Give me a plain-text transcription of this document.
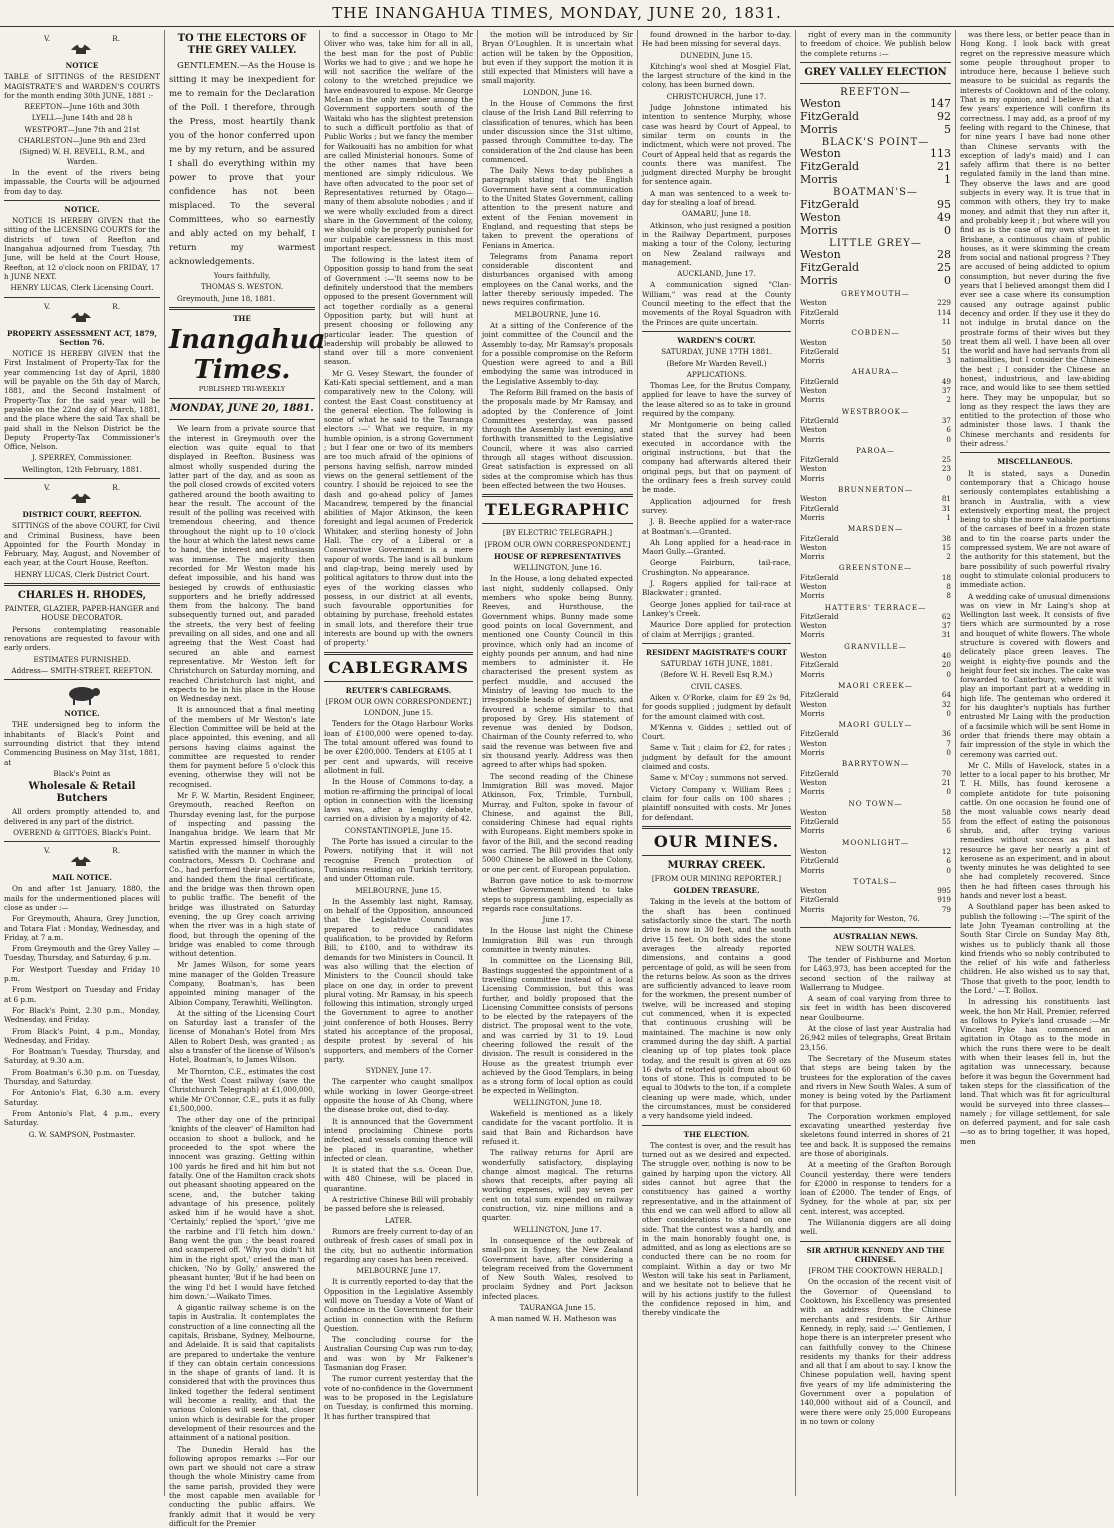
THE INANGAHUA TIMES, MONDAY, JUNE 20, 1831.
V.	R.
NOTICE

TABLE of SITTINGS of the RESIDENT MAGISTRATE'S and WARDEN'S COURTS for the month ending 30th JUNE, 1881 :-

REEFTON—June 16th and 30th

LYELL—June 14th and 28 h

WESTPORT—June 7th and 21st

CHARLESTON—June 9th and 23rd

(Signed) W. H. REVELL, R.M., and Warden.

In the event of the rivers being impassable, the Courts will be adjourned from day to day.

NOTICE.

NOTICE IS HEREBY GIVEN that the sitting of the LICENSING COURTS for the districts of town of Reefton and Inangahua adjourned from Tuesday, 7th June, will be held at the Court House, Reefton, at 12 o'clock noon on FRIDAY, 17 h JUNE NEXT.

HENRY LUCAS, Clerk Licensing Court.

V.	R.
PROPERTY ASSESSMENT ACT, 1879, Section 76.

NOTICE IS HEREBY GIVEN that the First Instalment of Property-Tax for the year commencing 1st day of April, 1880 will be payable on the 5th day of March, 1881, and the Second Instalment of Property-Tax for the said year will be payable on the 22nd day of March, 1881, and the place where the said Tax shall be paid shall in the Nelson District be the Deputy Property-Tax Commissioner's Office, Nelson.

J. SPERREY, Commissioner.

Wellington, 12th February, 1881.

V.	R.
DISTRICT COURT, REEFTON.

SITTINGS of the above COURT, for Civil and Criminal Business, have been Appointed for the Fourth Monday in February, May, August, and November of each year, at the Court House, Reefton.

HENRY LUCAS, Clerk District Court.

CHARLES H. RHODES,

PAINTER, GLAZIER, PAPER-HANGER and HOUSE DECORATOR.

Persons contemplating reasonable renovations are requested to favour with early orders.

ESTIMATES FURNISHED.

Address— SMITH-STREET, REEFTON.

NOTICE.

THE undersigned beg to inform the inhabitants of Black's Point and surrounding district that they intend Commencing Business on May 31st, 1881, at

Black's Point as

Wholesale & Retail Butchers

All orders promptly attended to, and delivered in any part of the district.

OVEREND & GITTOES, Black's Point.

V.	R.
MAIL NOTICE.

On and after 1st January, 1880, the mails for the undermentioned places will close as under :—

For Greymouth, Ahaura, Grey Junction, and Totara Flat : Monday, Wednesday, and Friday, at 7 a.m.

From Greymouth and the Grey Valley —Tuesday, Thursday, and Saturday, 6 p.m.

For Westport Tuesday and Friday 10 p.m.

From Westport on Tuesday and Friday at 6 p.m.

For Black's Point, 2.30 p.m., Monday, Wednesday, and Friday.

From Black's Point, 4 p.m., Monday, Wednesday, and Friday.

For Boatman's Tuesday, Thursday, and Saturday, at 9.30 a.m.

From Boatman's 6.30 p.m. on Tuesday, Thursday, and Saturday.

For Antonio's Flat, 6.30 a.m. every Saturday.

From Antonio's Flat, 4 p.m., every Saturday.

G. W. SAMPSON, Postmaster.

TO THE ELECTORS OF THE GREY VALLEY.

GENTLEMEN.—As the House is sitting it may be inexpedient for me to remain for the Declaration of the Poll. I therefore, through the Press, most heartily thank you of the honor conferred upon me by my return, and be assured I shall do everything within my power to prove that your confidence has not been misplaced. To the several Committees, who so earnestly and ably acted on my behalf, I return my warmest acknowledgements.

Yours faithfully,

THOMAS S. WESTON.

Greymouth, June 18, 1881.

THE
Inangahua Times.
PUBLISHED TRI-WEEKLY
MONDAY, JUNE 20, 1881.

We learn from a private source that the interest in Greymouth over the election was quite equal to that displayed in Reefton. Business was almost wholly suspended during the latter part of the day, and as soon as the poll closed crowds of excited voters gathered around the booth awaiting to hear the result. The account of the result of the polling was received with tremendous cheering, and thence throughout the night up to 10 o'clock the hour at which the latest news came to hand, the interest and enthusiasm was immense. The majority then recorded for Mr Weston made his defeat impossible, and his hand was besieged by crowds of enthusiastic supporters and he briefly addressed them from the balcony. The band subsequently turned out, and paraded the streets, the very best of feeling prevailing on all sides, and one and all agreeing that the West Coast had secured an able and earnest representative. Mr Weston left for Christchurch on Saturday morning, and reached Christchurch last night, and expects to be in his place in the House on Wednesday next.

It is announced that a final meeting of the members of Mr Weston's late Election Committee will be held at the place appointed, this evening, and all persons having claims against the committee are requested to render them for payment before 5 o'clock this evening, otherwise they will not be recognised.

Mr F. W. Martin, Resident Engineer, Greymouth, reached Reefton on Thursday evening last, for the purpose of inspecting and passing the Inangahua bridge. We learn that Mr Martin expressed himself thoroughly satisfied with the manner in which the contractors, Messrs D. Cochrane and Co., had performed their specifications, and handed them the final certificate, and the bridge was then thrown open to public traffic. The benefit of the bridge was illustrated on Saturday evening, the up Grey coach arriving when the river was in a high state of flood, but through the opening of the bridge was enabled to come through without detention.

Mr James Wilson, for some years mine manager of the Golden Treasure Company, Boatman's, has been appointed mining manager of the Albion Company, Terawhiti, Wellington.

At the sitting of the Licensing Court on Saturday last a transfer of the license of Monahan's Hotel from Mrs Allen to Robert Desh, was granted ; as also a transfer of the license of Wilson's Hotel, Boatman's, to James Wilson.

Mr Thornton, C.E., estimates the cost of the West Coast railway (save the Christchurch Telegraph) at £1,000,000, while Mr O'Connor, C.E., puts it as fully £1,500,000.

The other day one of the principal 'knights of the cleaver' of Hamilton had occasion to shoot a bullock, and he proceeded to the spot where the innocent was grazing. Getting within 100 yards he fired and hit him but not fatally. One of the Hamilton crack shots out pheasant shooting appeared on the scene, and, the butcher taking advantage of his presence, politely asked him if he would have a shot. 'Certainly,' replied the 'sport,' 'give me the rarbine and I'll fetch him down.' Bang went the gun ; the beast roared and scampered off. 'Why you didn't hit him in the right spot,' cried the man of chicken, 'No by Golly,' answered the pheasant hunter, 'But if he had been on the wing I'd bet I would have fetched him down.'—Waikato Times.

A gigantic railway scheme is on the tapis in Australia. It contemplates the construction of a line connecting all the capitals, Brisbane, Sydney, Melbourne, and Adelaide. It is said that capitalists are prepared to undertake the venture if they can obtain certain concessions in the shape of grants of land. It is considered that with the provinces thus linked together the federal sentiment will become a reality, and that the various Colonies will seek that, closer union which is desirable for the proper development of their resources and the attainment of a national position.

The Dunedin Herald has the following apropos remarks :—For our own part we should not care a straw though the whole Ministry came from the same parish, provided they were the most capable men available for conducting the public affairs. We frankly admit that it would be very difficult for the Premier

to find a successor in Otago to Mr Oliver who was, take him for all in all, the best man for the post of Public Works we had to give ; and we hope he will not sacrifice the welfare of the colony to the wretched prejudice we have endeavoured to expose. Mr George McLean is the only member among the Government supporters south of the Waitaki who has the slightest pretension to such a difficult portfolio as that of Public Works ; but we fancy the member for Waikouaiti has no ambition for what are called Ministerial honours. Some of the other names that have been mentioned are simply ridiculous. We have often advocated to the poor set of Representatives returned by Otago—many of them absolute nobodies ; and if we were wholly excluded from a direct share in the Government of the colony, we should only be properly punished for our culpable carelessness in this most important respect.

The following is the latest item of Opposition gossip to hand from the seat of Government :—'It seems now to be definitely understood that the members opposed to the present Government will act together cordially as a general Opposition party, but will hunt at present choosing or following any particular leader. The question of leadership will probably be allowed to stand over till a more convenient season.

Mr G. Vesey Stewart, the founder of Kati-Kati special settlement, and a man comparatively new to the Colony, will contest the East Coast constituency at the general election. The following is some of what he said to the Tauranga electors :—' What we require, in my humble opinion, is a strong Government ; but I fear one or two of its members are too much afraid of the opinions of persons having selfish, narrow minded views on the general settlement of the country. I should be rejoiced to see the dash and go-ahead policy of James Macandrew, tempered by the financial abilities of Major Atkinson, the keen foresight and legal acumen of Frederick Whitaker, and sterling honesty of John Hall. The cry of a Liberal or a Conservative Government is a mere vapour of words. The land is all bunkum and clap-trap, being merely used by political agitators to throw dust into the eyes of the working classes who possess, in our district at all events, such favourable opportunities for obtaining by purchase, freehold estates in small lots, and therefore their true interests are bound up with the owners of property.'

CABLEGRAMS
REUTER'S CABLEGRAMS.

[FROM OUR OWN CORRESPONDENT.]

LONDON, June 15.

Tenders for the Otago Harbour Works loan of £100,000 were opened to-day. The total amount offered was found to be over £200,000. Tenders at £105 at 1 per cent and upwards, will receive allotment in full.

In the House of Commons to-day, a motion re-affirming the principal of local option in connection with the licensing laws was, after a lengthy debate, carried on a division by a majority of 42.

CONSTANTINOPLE, June 15.

The Porte has issued a circular to the Powers, notifying that it will not recognise French protection of Tunisians residing on Turkish territory, and under Ottoman rule.

MELBOURNE, June 15.

In the Assembly last night, Ramsay, on behalf of the Opposition, announced that the Legislative Council was prepared to reduce candidates qualification, to be provided by Reform Bill, to £100, and to withdraw its demands for two Ministers in Council. It was also willing that the election of Ministers to the Council should take place on one day, in order to prevent plural voting. Mr Ramsay, in his speech following this intimation, strongly urged the Government to agree to another joint conference of both Houses. Berry stated his acceptance of the proposal, despite protest by several of his supporters, and members of the Corner party.

SYDNEY, June 17.

The carpenter who caught smallpox while working in lower George-street opposite the house of Ah Chong, where the disease broke out, died to-day.

It is announced that the Government intend proclaiming Chinese ports infected, and vessels coming thence will be placed in quarantine, whether infected or clean.

It is stated that the s.s. Ocean Due, with 480 Chinese, will be placed in quarantine.

A restrictive Chinese Bill will probably be passed before she is released.

LATER.

Rumors are freely current to-day of an outbreak of fresh cases of small pox in the city, but no authentic information regarding any cases has been received.

MELBOURNE June 17.

It is currently reported to-day that the Opposition in the Legislative Assembly will move on Tuesday a Vote of Want of Confidence in the Government for their action in connection with the Reform Question.

The concluding course for the Australian Coursing Cup was run to-day, and was won by Mr Falkener's Tasmanian dog Fraser.

The rumor current yesterday that the vote of no-confidence in the Government was to be proposed in the Legislature on Tuesday, is confirmed this morning. It has further transpired that

the motion will be introduced by Sir Bryan O'Loughlen. It is uncertain what action will be taken by the Opposition, but even if they support the motion it is still expected that Ministers will have a small majority.

LONDON, June 16.

In the House of Commons the first clause of the Irish Land Bill referring to classification of tenures, which has been under discussion since the 31st ultimo, passed through Committee to-day. The consideration of the 2nd clause has been commenced.

The Daily News to-day publishes a paragraph stating that the English Government have sent a communication to the United States Government, calling attention to the present nature and extent of the Fenian movement in England, and requesting that steps be taken to prevent the operations of Fenians in America.

Telegrams from Panama report considerable discontent and disturbances organised with among employees on the Canal works, and the latter thereby seriously impeded. The news requires confirmation.

MELBOURNE, June 16.

At a sitting of the Conference of the joint committee of the Council and the Assembly to-day, Mr Ramsay's proposals for a possible compromise on the Reform Question were agreed to and a Bill embodying the same was introduced in the Legislative Assembly to-day.

The Reform Bill framed on the basis of the proposals made by Mr Ramsay, and adopted by the Conference of Joint Committees yesterday, was passed through the Assembly last evening, and forthwith transmitted to the Legislative Council, where it was also carried through all stages without discussion. Great satisfaction is expressed on all sides at the compromise which has thus been effected between the two Houses.

TELEGRAPHIC

[BY ELECTRIC TELEGRAPH.]

[FROM OUR OWN CORRESPONDENT.]

HOUSE OF REPRESENTATIVES

WELLINGTON, June 16.

In the House, a long debated expected last night, suddenly collapsed. Only members who spoke being Bunny, Reeves, and Hursthouse, the Government whips. Bunny made some good points on local Government, and mentioned one County Council in this province, which only had an income of eighty pounds per annum, and had nine members to administer it. He characterised the present system as perfect muddle, and accused the Ministry of leaving too much to the irresponsible heads of departments, and favoured a scheme similar to that proposed by Grey. His statement of revenue was denied by Dodson, Chairman of the County referred to, who said the revenue was between five and six thousand yearly. Address was then agreed to after whips had spoken.

The second reading of the Chinese Immigration Bill was moved. Major Atkinson, Fox, Trimble, Turnbull, Murray, and Fulton, spoke in favour of Chinese, and against the Bill, considering Chinese had equal rights with Europeans. Eight members spoke in favor of the Bill, and the second reading was carried. The Bill provides that only 5000 Chinese be allowed in the Colony, or one per cent. of European population.

Barron gave notice to ask to-morrow whether Government intend to take steps to suppress gambling, especially as regards race consultations.

June 17.

In the House last night the Chinese Immigration Bill was run through committee in twenty minutes.

In committee on the Licensing Bill, Bastings suggested the appointment of a travelling committee instead of a local Licensing Commission, but this was further, and boldly proposed that the Licensing Committee consists of persons to be elected by the ratepayers of the district. The proposal went to the vote, and was carried by 31 to 19. Loud cheering followed the result of the division. The result is considered in the House as the greatest triumph ever achieved by the Good Templars, in being as a strong form of local option as could be expected in Wellington.

WELLINGTON, June 18.

Wakefield is mentioned as a likely candidate for the vacant portfolio. It is said that Bain and Richardson have refused it.

The railway returns for April are wonderfully satisfactory, displaying change almost magical. The returns shows that receipts, after paying all working expenses, will pay seven per cent on total sum expended on railway construction, viz. nine millions and a quarter.

WELLINGTON, June 17.

In consequence of the outbreak of small-pox in Sydney, the New Zealand Government have, after considering a telegram received from the Government of New South Wales, resolved to proclaim Sydney and Port Jackson infected places.

TAURANGA June 15.

A man named W. H. Matheson was

found drowned in the harbor to-day. He had been missing for several days.

DUNEDIN, June 15.

Kitching's wool shed at Mosgiel Flat, the largest structure of the kind in the colony, has been burned down.

CHRISTCHURCH, June 17.

Judge Johnstone intimated his intention to sentence Murphy, whose case was heard by Court of Appeal, to similar term on counts in the indictment, which were not proved. The Court of Appeal held that as regards the counts there was manifest. The judgment directed Murphy be brought for sentence again.

A man was sentenced to a week to-day for stealing a loaf of bread.

OAMARU, June 18.

Atkinson, who just resigned a position in the Railway Department, purposes making a tour of the Colony, lecturing on New Zealand railways and management.

AUCKLAND, June 17.

A communication signed "Clan-William," was read at the County Council meeting to the effect that the movements of the Royal Squadron with the Princes are quite uncertain.

WARDEN'S COURT.

SATURDAY, JUNE 17TH 1881.

(Before Mr Warden Revell.)

APPLICATIONS.

Thomas Lee, for the Brutus Company, applied for leave to have the survey of the lease altered so as to take in ground required by the company.

Mr Montgomerie on being called stated that the survey had been executed in accordance with the original instructions, but that the company had afterwards altered their original pegs, but that on payment of the ordinary fees a fresh survey could be made.

Application adjourned for fresh survey.

J. B. Beeche applied for a water-race at Boatman's.—Granted.

Ah Long applied for a head-race in Maori Gully.—Granted.

George Fairburn, tail-race, Crushington. No appearance.

J. Rogers applied for tail-race at Blackwater ; granted.

George Jones applied for tail-race at Lankey's Creek.

Maurice Dore applied for protection of claim at Merrijigs ; granted.

RESIDENT MAGISTRATE'S COURT

SATURDAY 16TH JUNE, 1881.

(Before W. H. Revell Esq R.M.)

CIVIL CASES.

Aiken v. O'Rorke, claim for £9 2s 9d, for goods supplied ; judgment by default for the amount claimed with cost.

M'Kenna v. Giddes ; settled out of Court.

Same v. Tait ; claim for £2, for rates ; judgment by default for the amount claimed and costs.

Same v. M'Coy ; summons not served.

Victory Company v. William Rees ; claim for four calls on 100 shares ; plaintiff nonsuited with costs. Mr Jones for defendant.

OUR MINES.
MURRAY CREEK.

[FROM OUR MINING REPORTER.]

GOLDEN TREASURE.

Taking in the levels at the bottom of the shaft has been continued satisfactorily since the start. The north drive is now in 30 feet, and the south drive 15 feet. On both sides the stone averages the already reported dimensions, and contains a good percentage of gold, as will be seen from the returns below. As soon as the drives are sufficiently advanced to leave room for the workmen, the present number of twelve, will be increased and stoping cut commenced, when it is expected that continuous crushing will be maintained. The machine is now only crammed during the day shift. A partial cleaning up of top plates took place today, and the result is given at 69 ozs 16 dwts of retorted gold from about 60 tons of stone. This is computed to be equal to 30dwts to the ton, if a complete cleaning up were made, which, under the circumstances, must be considered a very handsome yield indeed.

THE ELECTION.

The contest is over, and the result has turned out as we desired and expected. The struggle over, nothing is now to be gained by harping upon the victory. All sides cannot but agree that the constituency has gained a worthy representative, and in the attainment of this end we can well afford to allow all other considerations to stand on one side. That the contest was a hardly, and in the main honorably fought one, is admitted, and as long as elections are so conducted there can be no room for complaint. Within a day or two Mr Weston will take his seat in Parliament, and we hesitate not to believe that he will by his actions justify to the fullest the confidence reposed in him, and thereby vindicate the

right of every man in the community to freedom of choice. We publish below the complete returns :—

GREY VALLEY ELECTION
REEFTON—
Weston	147
FitzGerald	92
Morris	5
BLACK'S POINT—
Weston	113
FitzGerald	21
Morris	1
BOATMAN'S—
FitzGerald	95
Weston	49
Morris	0
LITTLE GREY—
Weston	28
FitzGerald	25
Morris	0
GREYMOUTH—
Weston	229
FitzGerald	114
Morris	11
COBDEN—
Weston	50
FitzGerald	51
Morris	3
AHAURA—
FitzGerald	49
Weston	37
Morris	2
WESTBROOK—
FitzGerald	37
Weston	6
Morris	0
PAROA—
FitzGerald	25
Weston	23
Morris	0
BRUNNERTON—
Weston	81
FitzGerald	31
Morris	1
MARSDEN—
FitzGerald	38
Weston	15
Morris	2
GREENSTONE—
FitzGerald	18
Weston	8
Morris	8
HATTERS' TERRACE—
FitzGerald	62
Weston	37
Morris	31
GRANVILLE—
Weston	40
FitzGerald	20
Morris	0
MAORI CREEK—
FitzGerald	64
Weston	32
Morris	0
MAORI GULLY—
FitzGerald	36
Weston	7
Morris	0
BARRYTOWN—
FitzGerald	70
Weston	21
Morris	0
NO TOWN—
Weston	58
FitzGerald	55
Morris	6
MOONLIGHT—
Weston	12
FitzGerald	6
Morris	0
TOTALS—
Weston	995
FitzGerald	919
Morris	79

Majority for Weston, 76.

AUSTRALIAN NEWS.

NEW SOUTH WALES.

The tender of Fishburne and Morton for L463,973, has been accepted for the second section of the railway at Wallerrang to Mudgee.

A seam of coal varying from three to six feet in width has been discovered near Goulbourne.

At the close of last year Australia had 26,942 miles of telegraphs, Great Britain 23,156.

The Secretary of the Museum states that steps are being taken by the trustees for the exploration of the caves and rivers in New South Wales. A sum of money is being voted by the Parliament for that purpose.

The Corporation workmen employed excavating unearthed yesterday five skeletons found interred in shores of 21 tee and back. It is supposed the remains are those of aboriginals.

At a meeting of the Grafton Borough Council yesterday, there were tenders for £2000 in response to tenders for a loan of £2000. The tender of Engs, of Sydney, for the whole at par, six per cent. interest, was accepted.

The Willanonia diggers are all doing well.

SIR ARTHUR KENNEDY AND THE CHINESE.

[FROM THE COOKTOWN HERALD.]

On the occasion of the recent visit of the Governor of Queensland to Cooktown, his Excellency was presented with an address from the Chinese merchants and residents. Sir Arthur Kennedy, in reply, said :—' Gentlemen, I hope there is an interpreter present who can faithfully convey to the Chinese residents my thanks for their address and all that I am about to say. I know the Chinese population well, having spent five years of my life administering the Government over a population of 140,000 without aid of a Council, and were there were only 25,000 Europeans in no town or colony

was there less, or better peace than in Hong Kong. I look back with great regret on the repressive measure which some people throughout proper to introduce here, because I believe such measure to be suicidal as regards the interests of Cooktown and of the colony. That is my opinion, and I believe that a few years' experience will confirm its correctness. I may add, as a proof of my feeling with regard to the Chinese, that for nine years I have had none other than Chinese servants with the exception of lady's maid) and I can safely affirm that there is no better regulated family in the land than mine. They observe the laws and are good subjects in every way. It is true that in common with others, they try to make money, and admit that they run after it, and probably keep it ; but where will you find as is the case of my own street in Brisbane, a continuous chain of public houses, as it were skimming the cream from social and national progress ? They are accused of being addicted to opium consumption, but never during the five years that I believed amongst them did I ever see a case where its consumption caused any outrage against public decency and order. If they use it they do not indulge in brutal dance on the prostrate forms of their wives but they treat them all well. I have been all over the world and have had servants from all nationalities, but I consider the Chinese the best ; I consider the Chinese an honest, industrious, and law-abiding race, and would like to see them settled here. They may be unpopular, but so long as they respect the laws they are entitled to the protection of those who administer those laws. I thank the Chinese merchants and residents for their adress.'

MISCELLANEOUS.

It is stated, says a Dunedin contemporary that a Chicago house seriously contemplates establishing a branch in Australia, with a view extensively exporting meat, the project being to ship the more valuable portions of the carcases of beef in a frozen state and to tin the coarse parts under the compressed system. We are not aware of the authority for this statement, but the bare possibility of such powerful rivalry ought to stimulate colonial producers to immediate action.

A wedding cake of unusual dimensions was on view in Mr Laing's shop at Wellington last week. It consists of five tiers which are surmounted by a rose and bouquet of white flowers. The whole structure is covered with flowers and delicately place green leaves. The weight is eighty-five pounds and the height four feet six inches. The cake was forwarded to Canterbury, where it will play an important part at a wedding in high life. The genteman who ordered it for his daughter's nuptials has further entrusted Mr Laing with the production of a facsimile which will be sent Home in order that friends there may obtain a fair impression of the style in which the ceremony was carried out.

Mr C. Mills of Havelock, states in a letter to a local paper to his brother, Mr T. H. Mills, has found kerosene a complete antidote for tute poisoning cattle. On one occasion he found one of the most valuable cows nearly dead from the effect of eating the poisonous shrub, and, after trying various remedies without success as a last resource he gave her nearly a pint of kerosene as an experiment, and in about twenty minutes he was delighted to see she had completely recovered. Since then he had fifteen cases through his hands and never lost a beast.

A Southland paper has been asked to publish the following :—'The spirit of the late John Tyeaman controlling at the South Star Circle on Sunday May 8th, wishes us to publicly thank all those kind friends who so nobly contributed to the relief of his wife and fatherless children. He also wished us to say that, 'Those that giveth to the poor, lendth to the Lord.' —T. Bollox.

In adressing his constituents last week, the hon Mr Hall, Premier, referred as follows to Pyke's land crusade :—Mr Vincent Pyke has commenced an agitation in Otago as to the mode in which the runs there were to be dealt with when their leases fell in, but the agitation was unnecessary, because before it was begun the Government had taken steps for the classification of the land. That which was fit for agricultural would be surveyed into three classes—namely ; for village settlement, for sale on deferred payment, and for sale cash—so as to bring together, it was hoped, men
